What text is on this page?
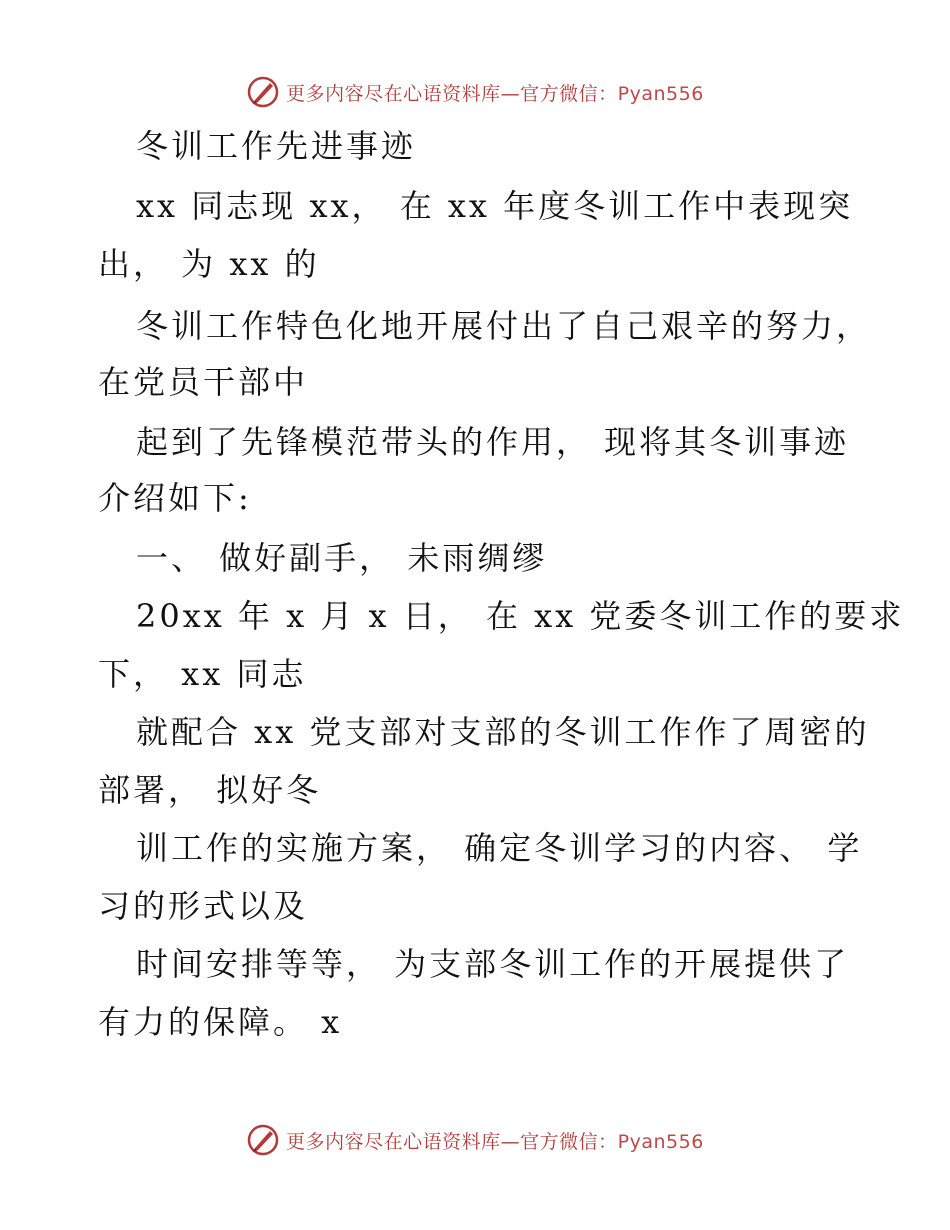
更多内容尽在心语资料库—官方微信：Pyan556
冬训工作先进事迹
xx 同志现 xx， 在 xx 年度冬训工作中表现突
出， 为 xx 的
冬训工作特色化地开展付出了自己艰辛的努力，
在党员干部中
起到了先锋模范带头的作用， 现将其冬训事迹
介绍如下:
一、 做好副手， 未雨绸缪
20xx 年 x 月 x 日， 在 xx 党委冬训工作的要求
下， xx 同志
就配合 xx 党支部对支部的冬训工作作了周密的
部署， 拟好冬
训工作的实施方案， 确定冬训学习的内容、 学
习的形式以及
时间安排等等， 为支部冬训工作的开展提供了
有力的保障。 x
更多内容尽在心语资料库—官方微信：Pyan556
